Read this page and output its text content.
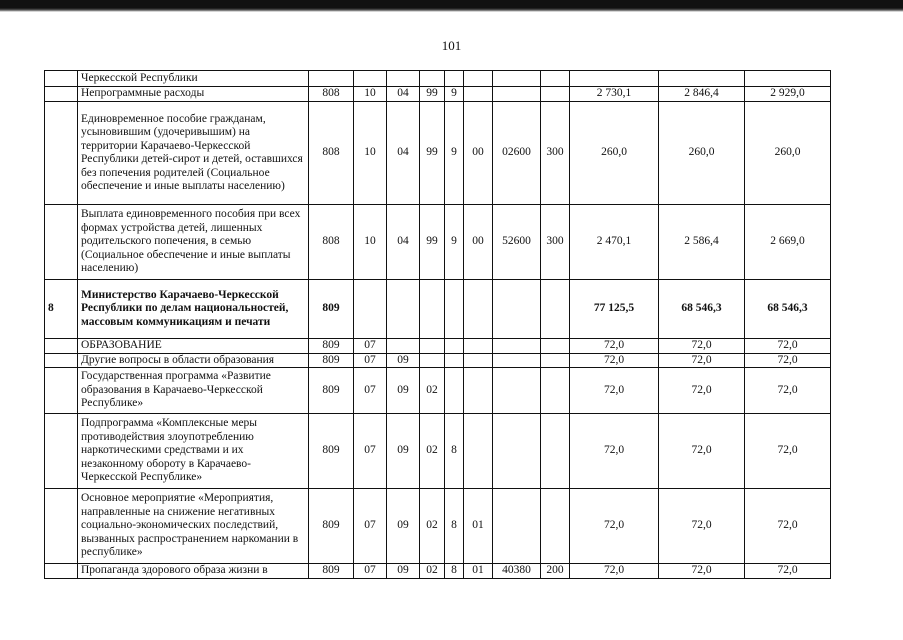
101
	Черкесской Республики											
	Непрограммные расходы	808	10	04	99	9				2 730,1	2 846,4	2 929,0
	Единовременное пособие гражданам, усыновившим (удочеривышим) на территории Карачаево-Черкесской Республики детей-сирот и детей, оставшихся без попечения родителей (Социальное обеспечение и иные выплаты населению)	808	10	04	99	9	00	02600	300	260,0	260,0	260,0
	Выплата единовременного пособия при всех формах устройства детей, лишенных родительского попечения, в семью (Социальное обеспечение и иные выплаты населению)	808	10	04	99	9	00	52600	300	2 470,1	2 586,4	2 669,0
8	Министерство Карачаево-Черкесской Республики по делам национальностей, массовым коммуникациям и печати	809								77 125,5	68 546,3	68 546,3
	ОБРАЗОВАНИЕ	809	07							72,0	72,0	72,0
	Другие вопросы в области образования	809	07	09						72,0	72,0	72,0
	Государственная программа «Развитие образования в Карачаево-Черкесской Республике»	809	07	09	02					72,0	72,0	72,0
	Подпрограмма «Комплексные меры противодействия злоупотреблению наркотическими средствами и их незаконному обороту в Карачаево-Черкесской Республике»	809	07	09	02	8				72,0	72,0	72,0
	Основное мероприятие «Мероприятия, направленные на снижение негативных социально-экономических последствий, вызванных распространением наркомании в республике»	809	07	09	02	8	01			72,0	72,0	72,0
	Пропаганда здорового образа жизни в	809	07	09	02	8	01	40380	200	72,0	72,0	72,0
